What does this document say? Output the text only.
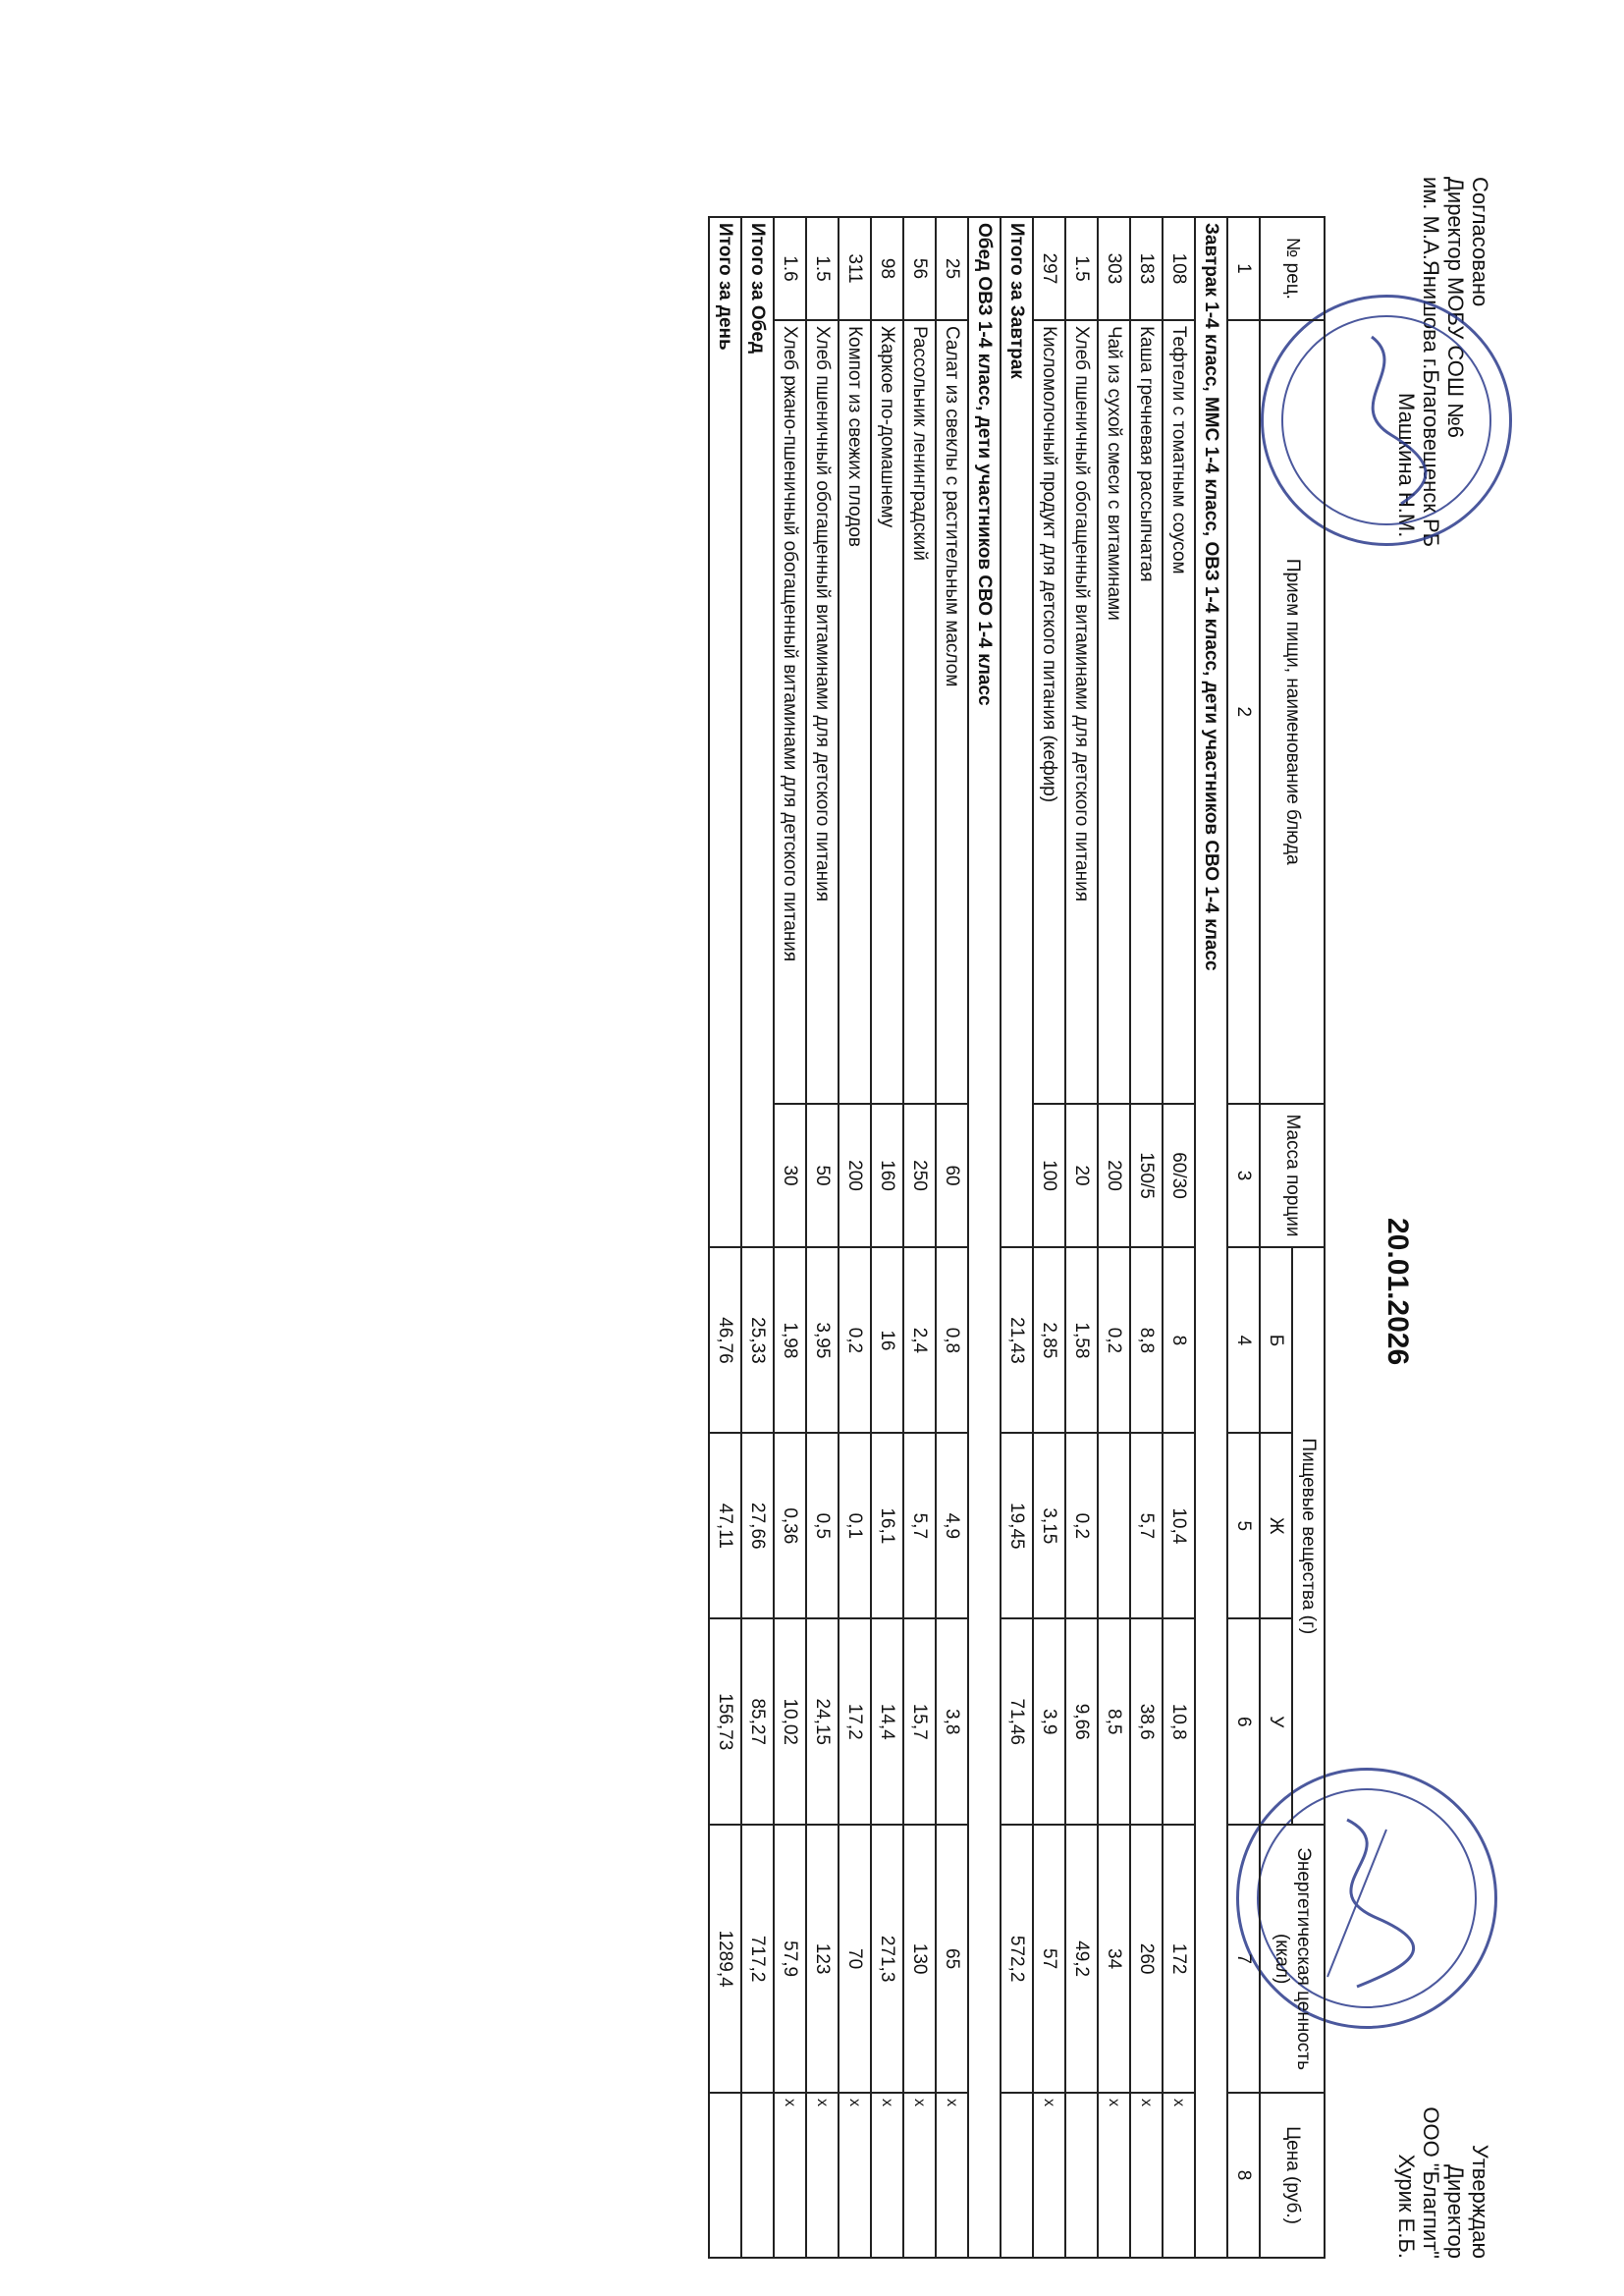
Согласовано
Директор МОБУ СОШ №6
им. М.А.Янишова г.Благовещенск РБ
Машкина Н.М.
20.01.2026
Утверждаю
Директор
ООО "Благпит"
Хурик Е.Б.
№ рец.	Прием пищи, наименование блюда	Масса порции	Пищевые вещества (г)			Энергетическая ценность (ккал)	Цена (руб.)
			Б	Ж	У		
1	2	3	4	5	6	7	8
Завтрак 1-4 класс, ММС 1-4 класс, ОВЗ 1-4 класс, дети участников СВО 1-4 класс							
108	Тефтели с томатным соусом	60/30	8	10,4	10,8	172	x
183	Каша гречневая рассыпчатая	150/5	8,8	5,7	38,6	260	x
303	Чай из сухой смеси с витаминами	200	0,2		8,5	34	x
1.5	Хлеб пшеничный обогащенный витаминами для детского питания	20	1,58	0,2	9,66	49,2	
297	Кисломолочный продукт для детского питания (кефир)	100	2,85	3,15	3,9	57	x
Итого за Завтрак			21,43	19,45	71,46	572,2	
Обед ОВЗ 1-4 класс, дети участников СВО 1-4 класс							
25	Салат из свеклы с растительным маслом	60	0,8	4,9	3,8	65	x
56	Рассольник ленинградский	250	2,4	5,7	15,7	130	x
98	Жаркое по-домашнему	160	16	16,1	14,4	271,3	x
311	Компот из свежих плодов	200	0,2	0,1	17,2	70	x
1.5	Хлеб пшеничный обогащенный витаминами для детского питания	50	3,95	0,5	24,15	123	x
1.6	Хлеб ржано-пшеничный обогащенный витаминами для детского питания	30	1,98	0,36	10,02	57,9	x
Итого за Обед			25,33	27,66	85,27	717,2	
Итого за день			46,76	47,11	156,73	1289,4	
